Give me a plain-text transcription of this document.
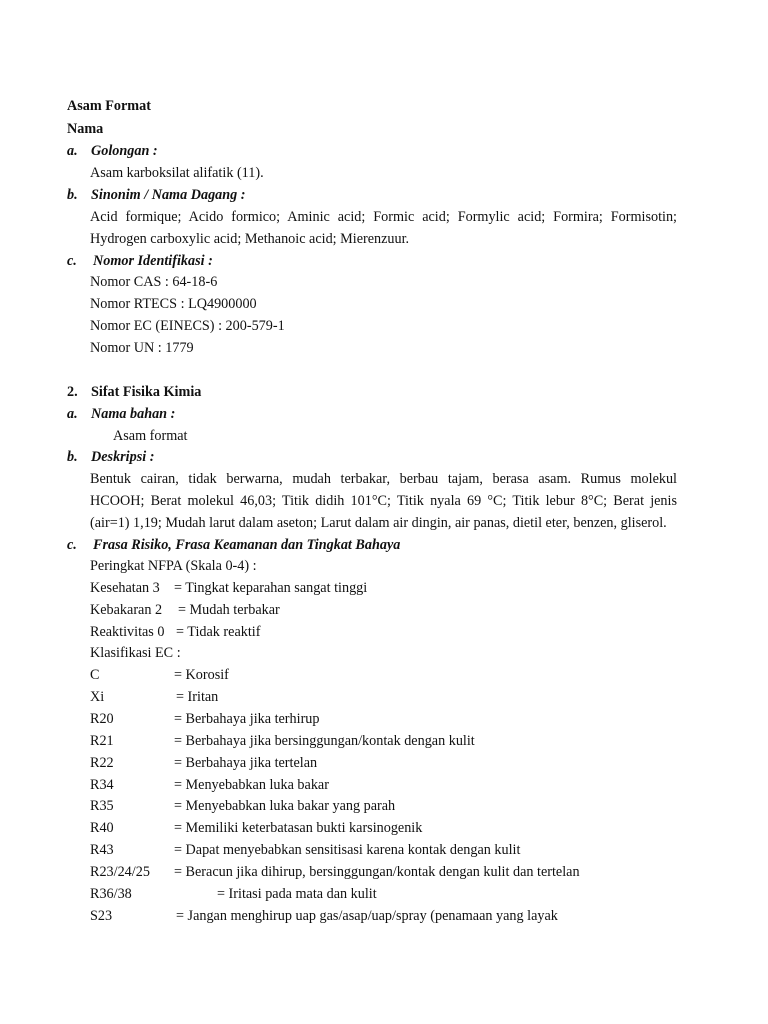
Asam Format
Nama
a. Golongan :
Asam karboksilat alifatik (11).
b. Sinonim / Nama Dagang :
Acid formique; Acido formico; Aminic acid; Formic acid; Formylic acid; Formira; Formisotin;
Hydrogen carboxylic acid; Methanoic acid; Mierenzuur.
c. Nomor Identifikasi :
Nomor CAS : 64-18-6
Nomor RTECS : LQ4900000
Nomor EC (EINECS) : 200-579-1
Nomor UN : 1779
2. Sifat Fisika Kimia
a. Nama bahan :
Asam format
b. Deskripsi :
Bentuk cairan, tidak berwarna, mudah terbakar, berbau tajam, berasa asam. Rumus molekul
HCOOH; Berat molekul 46,03; Titik didih 101°C; Titik nyala 69 °C; Titik lebur 8°C; Berat jenis
(air=1) 1,19; Mudah larut dalam aseton; Larut dalam air dingin, air panas, dietil eter, benzen, gliserol.
c. Frasa Risiko, Frasa Keamanan dan Tingkat Bahaya
Peringkat NFPA (Skala 0-4) :
Kesehatan 3 = Tingkat keparahan sangat tinggi
Kebakaran 2 = Mudah terbakar
Reaktivitas 0 = Tidak reaktif
Klasifikasi EC :
C	= Korosif
Xi	= Iritan
R20	= Berbahaya jika terhirup
R21	= Berbahaya jika bersinggungan/kontak dengan kulit
R22	= Berbahaya jika tertelan
R34	= Menyebabkan luka bakar
R35	= Menyebabkan luka bakar yang parah
R40	= Memiliki keterbatasan bukti karsinogenik
R43	= Dapat menyebabkan sensitisasi karena kontak dengan kulit
R23/24/25 = Beracun jika dihirup, bersinggungan/kontak dengan kulit dan tertelan
R36/38	= Iritasi pada mata dan kulit
S23	= Jangan menghirup uap gas/asap/uap/spray (penamaan yang layak
